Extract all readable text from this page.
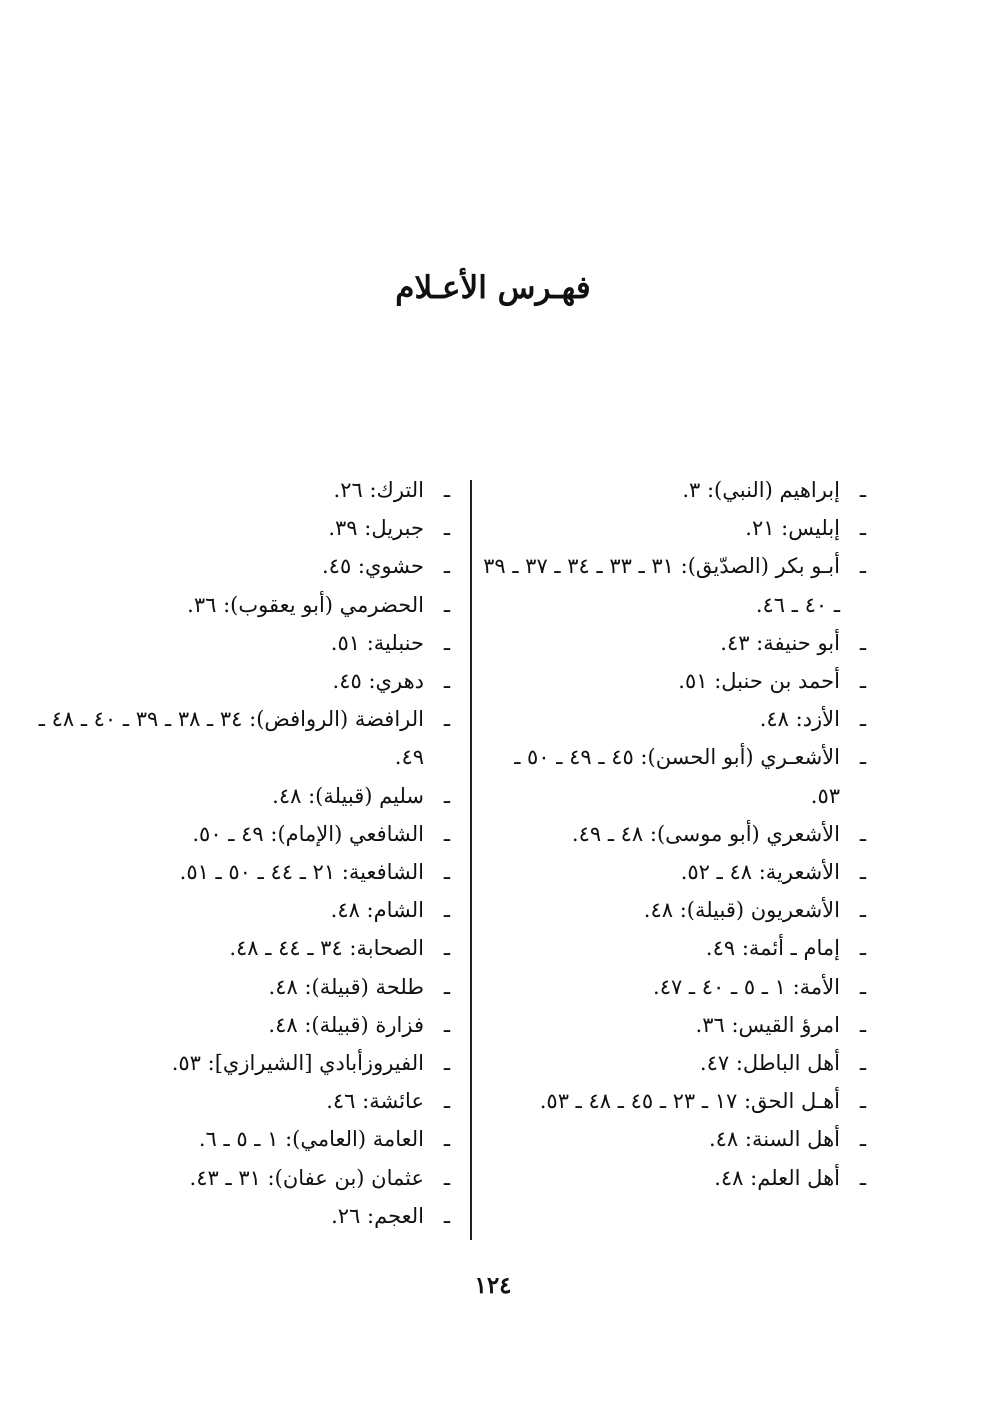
فهـرس الأعـلام
ـ
إبراهيم (النبي): ٣.
ـ
إبليس: ٢١.
ـ
أبـو بكر (الصدّيق): ٣١ ـ ٣٣ ـ ٣٤ ـ ٣٧ ـ ٣٩ ـ ٤٠ ـ ٤٦.
ـ
أبو حنيفة: ٤٣.
ـ
أحمد بن حنبل: ٥١.
ـ
الأزد: ٤٨.
ـ
الأشعـري (أبو الحسن): ٤٥ ـ ٤٩ ـ ٥٠ ـ ٥٣.
ـ
الأشعري (أبو موسى): ٤٨ ـ ٤٩.
ـ
الأشعرية: ٤٨ ـ ٥٢.
ـ
الأشعريون (قبيلة): ٤٨.
ـ
إمام ـ أئمة: ٤٩.
ـ
الأمة: ١ ـ ٥ ـ ٤٠ ـ ٤٧.
ـ
امرؤ القيس: ٣٦.
ـ
أهل الباطل: ٤٧.
ـ
أهـل الحق: ١٧ ـ ٢٣ ـ ٤٥ ـ ٤٨ ـ ٥٣.
ـ
أهل السنة: ٤٨.
ـ
أهل العلم: ٤٨.
ـ
الترك: ٢٦.
ـ
جبريل: ٣٩.
ـ
حشوي: ٤٥.
ـ
الحضرمي (أبو يعقوب): ٣٦.
ـ
حنبلية: ٥١.
ـ
دهري: ٤٥.
ـ
الرافضة (الروافض): ٣٤ ـ ٣٨ ـ ٣٩ ـ ٤٠ ـ ٤٨ ـ ٤٩.
ـ
سليم (قبيلة): ٤٨.
ـ
الشافعي (الإمام): ٤٩ ـ ٥٠.
ـ
الشافعية: ٢١ ـ ٤٤ ـ ٥٠ ـ ٥١.
ـ
الشام: ٤٨.
ـ
الصحابة: ٣٤ ـ ٤٤ ـ ٤٨.
ـ
طلحة (قبيلة): ٤٨.
ـ
فزارة (قبيلة): ٤٨.
ـ
الفيروزأبادي [الشيرازي]: ٥٣.
ـ
عائشة: ٤٦.
ـ
العامة (العامي): ١ ـ ٥ ـ ٦.
ـ
عثمان (بن عفان): ٣١ ـ ٤٣.
ـ
العجم: ٢٦.
١٢٤
